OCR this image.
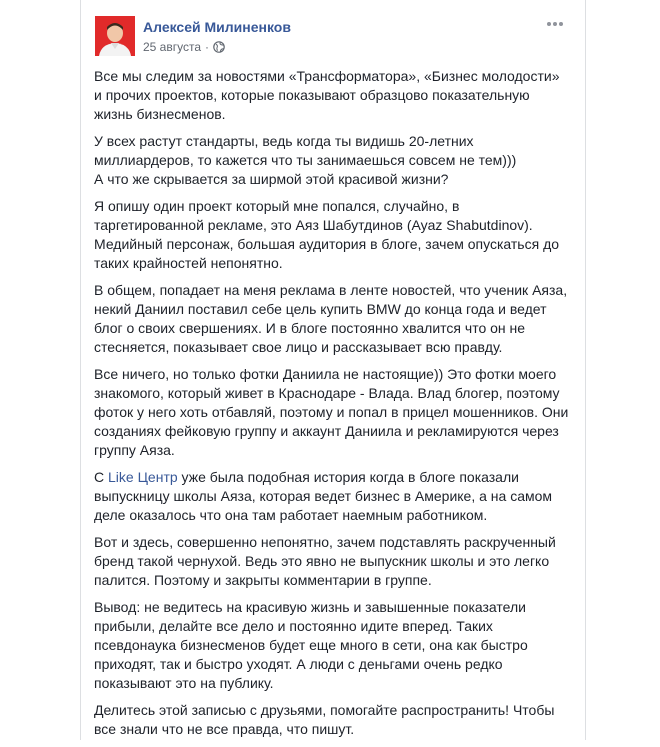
Алексей Милиненков
25 августа ·

Все мы следим за новостями «Трансформатора», «Бизнес молодости»
и прочих проектов, которые показывают образцово показательную
жизнь бизнесменов.

У всех растут стандарты, ведь когда ты видишь 20-летних
миллиардеров, то кажется что ты занимаешься совсем не тем)))
А что же скрывается за ширмой этой красивой жизни?

Я опишу один проект который мне попался, случайно, в
таргетированной рекламе, это Аяз Шабутдинов (Ayaz Shabutdinov).
Медийный персонаж, большая аудитория в блоге, зачем опускаться до
таких крайностей непонятно.

В общем, попадает на меня реклама в ленте новостей, что ученик Аяза,
некий Даниил поставил себе цель купить BMW до конца года и ведет
блог о своих свершениях. И в блоге постоянно хвалится что он не
стесняется, показывает свое лицо и рассказывает всю правду.

Все ничего, но только фотки Даниила не настоящие)) Это фотки моего
знакомого, который живет в Краснодаре - Влада. Влад блогер, поэтому
фоток у него хоть отбавляй, поэтому и попал в прицел мошенников. Они
созданиях фейковую группу и аккаунт Даниила и рекламируются через
группу Аяза.

С Like Центр уже была подобная история когда в блоге показали
выпускницу школы Аяза, которая ведет бизнес в Америке, а на самом
деле оказалось что она там работает наемным работником.

Вот и здесь, совершенно непонятно, зачем подставлять раскрученный
бренд такой чернухой. Ведь это явно не выпускник школы и это легко
палится. Поэтому и закрыты комментарии в группе.

Вывод: не ведитесь на красивую жизнь и завышенные показатели
прибыли, делайте все дело и постоянно идите вперед. Таких
псевдонаука бизнесменов будет еще много в сети, она как быстро
приходят, так и быстро уходят. А люди с деньгами очень редко
показывают это на публику.

Делитесь этой записью с друзьями, помогайте распространить! Чтобы
все знали что не все правда, что пишут.
